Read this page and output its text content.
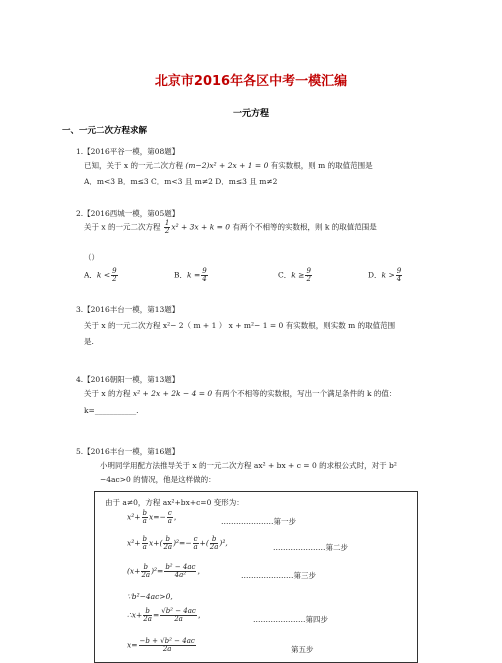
北京市2016年各区中考一模汇编
一元方程
一、一元二次方程求解
1.【2016平谷一模，第08题】
已知，关于 x 的一元二次方程 (m−2)x² + 2x + 1 = 0 有实数根，则 m 的取值范围是
A．m<3 B．m≤3 C．m<3 且 m≠2 D．m≤3 且 m≠2
2.【2016西城一模，第05题】
关于 x 的一元二次方程 $\frac{1}{2} x^2 + 3x + k = 0$ 有两个不相等的实数根，则 k 的取值范围是
（）
A．$k < \frac{9}{2}$	B．$k = \frac{9}{4}$	C．$k \ge \frac{9}{2}$	D．$k > \frac{9}{4}$
3.【2016丰台一模，第13题】
关于 x 的一元二次方程 x²− 2（ m + 1 ） x + m²− 1 = 0 有实数根，则实数 m 的取值范围
是.
4.【2016朝阳一模，第13题】
关于 x 的方程 x² + 2x + 2k − 4 = 0 有两个不相等的实数根，写出一个满足条件的 k 的值：
k=___________.
5.【2016丰台一模，第16题】
小明同学用配方法推导关于 x 的一元二次方程 ax² + bx + c = 0 的求根公式时，对于 b²
−4ac>0 的情况，他是这样做的：
由于 a≠0，方程 ax²+bx+c=0 变形为：
$x^2+ \frac{b}{a} x=- \frac{c}{a}$ ，	…………………第一步
$x^2+ \frac{b}{a} x+( \frac{b}{2a} )^2=- \frac{c}{a}$ +( $\frac{b}{2a} )^2$,	…………………第二步
$(x+ \frac{b}{2a} )^2= \frac{\text{b² − 4ac}}{\text{4a²}}$ ，	…………………第三步
∵b²−4ac>0,
∴x+ $\frac{b}{2a} = \frac{\text{√b² − 4ac}}{2a}$ ，	…………………第四步
$x= \frac{\text{−b + √b² − 4ac}}{2a}$	第五步
